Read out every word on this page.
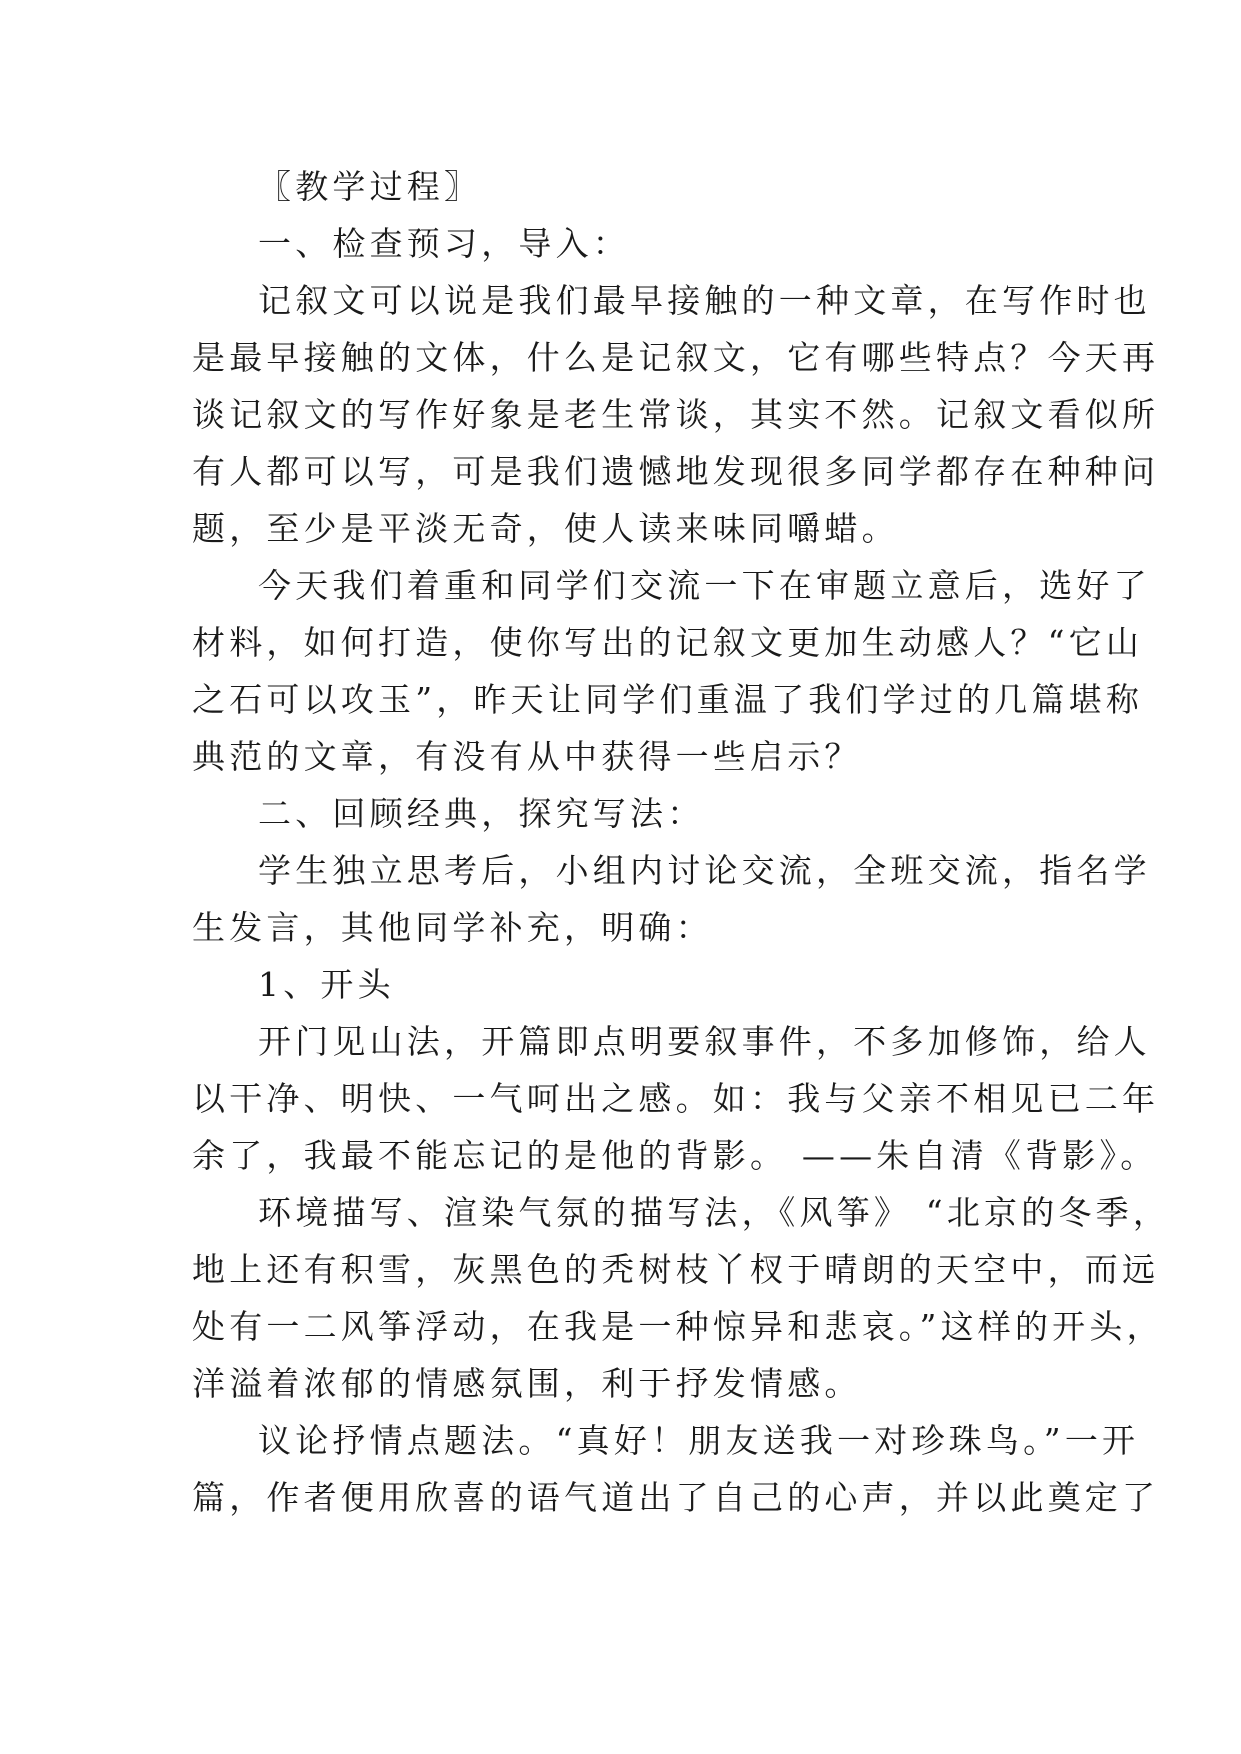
〖教学过程〗
一、检查预习，导入：
记叙文可以说是我们最早接触的一种文章，在写作时也
是最早接触的文体，什么是记叙文，它有哪些特点？今天再
谈记叙文的写作好象是老生常谈，其实不然。记叙文看似所
有人都可以写，可是我们遗憾地发现很多同学都存在种种问
题，至少是平淡无奇，使人读来味同嚼蜡。
今天我们着重和同学们交流一下在审题立意后，选好了
材料，如何打造，使你写出的记叙文更加生动感人？“它山
之石可以攻玉”，昨天让同学们重温了我们学过的几篇堪称
典范的文章，有没有从中获得一些启示？
二、回顾经典，探究写法：
学生独立思考后，小组内讨论交流，全班交流，指名学
生发言，其他同学补充，明确：
1、开头
开门见山法，开篇即点明要叙事件，不多加修饰，给人
以干净、明快、一气呵出之感。如：我与父亲不相见已二年
余了，我最不能忘记的是他的背影。 ——朱自清《背影》。
环境描写、渲染气氛的描写法，《风筝》 “北京的冬季，
地上还有积雪，灰黑色的秃树枝丫杈于晴朗的天空中，而远
处有一二风筝浮动，在我是一种惊异和悲哀。”这样的开头，
洋溢着浓郁的情感氛围，利于抒发情感。
议论抒情点题法。“真好！朋友送我一对珍珠鸟。”一开
篇，作者便用欣喜的语气道出了自己的心声，并以此奠定了
